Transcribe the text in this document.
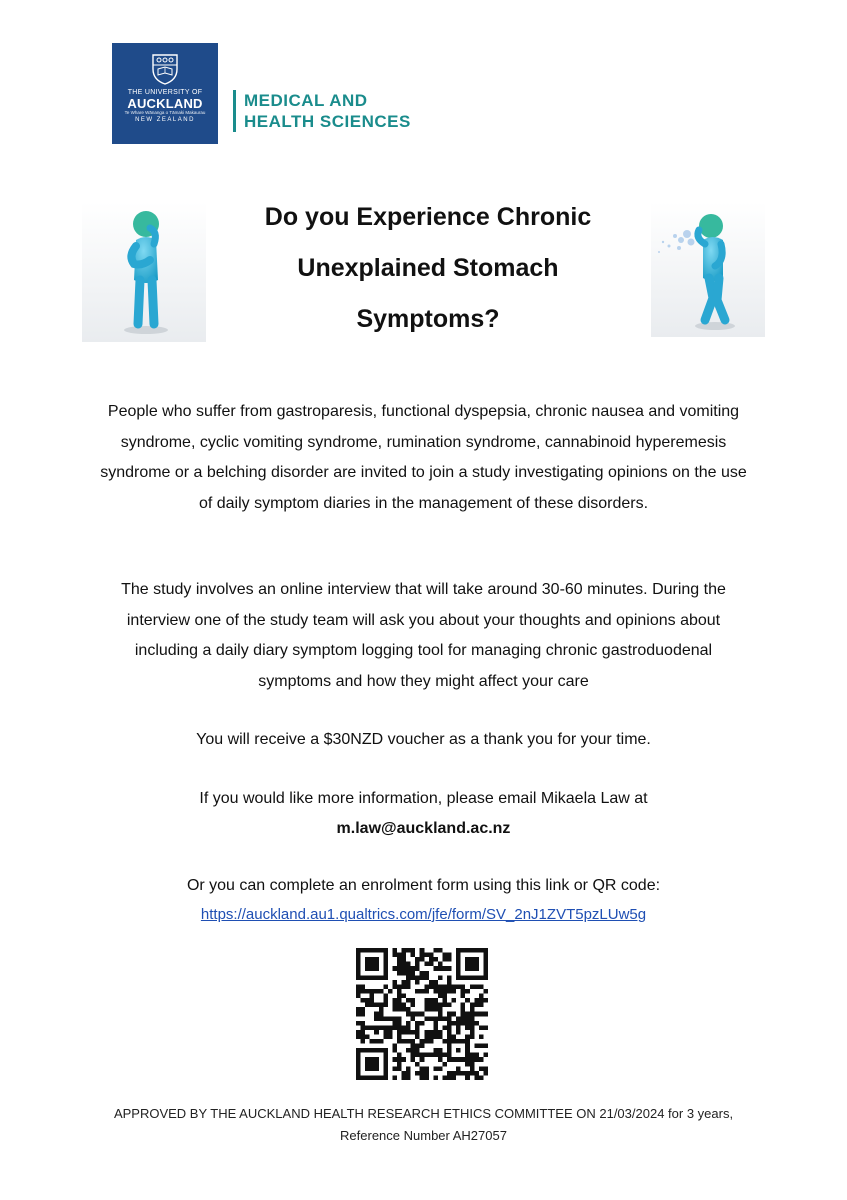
THE UNIVERSITY OF
AUCKLAND
Te Whare Wānanga o Tāmaki Makaurau
NEW ZEALAND
MEDICAL AND
HEALTH SCIENCES
Do you Experience Chronic
Unexplained Stomach
Symptoms?

People who suffer from gastroparesis, functional dyspepsia, chronic nausea and vomiting syndrome, cyclic vomiting syndrome, rumination syndrome, cannabinoid hyperemesis syndrome or a belching disorder are invited to join a study investigating opinions on the use of daily symptom diaries in the management of these disorders.

The study involves an online interview that will take around 30-60 minutes. During the interview one of the study team will ask you about your thoughts and opinions about including a daily diary symptom logging tool for managing chronic gastroduodenal symptoms and how they might affect your care

You will receive a $30NZD voucher as a thank you for your time.

If you would like more information, please email Mikaela Law at

m.law@auckland.ac.nz

Or you can complete an enrolment form using this link or QR code:

https://auckland.au1.qualtrics.com/jfe/form/SV_2nJ1ZVT5pzLUw5g
APPROVED BY THE AUCKLAND HEALTH RESEARCH ETHICS COMMITTEE ON 21/03/2024 for 3 years,
Reference Number AH27057
